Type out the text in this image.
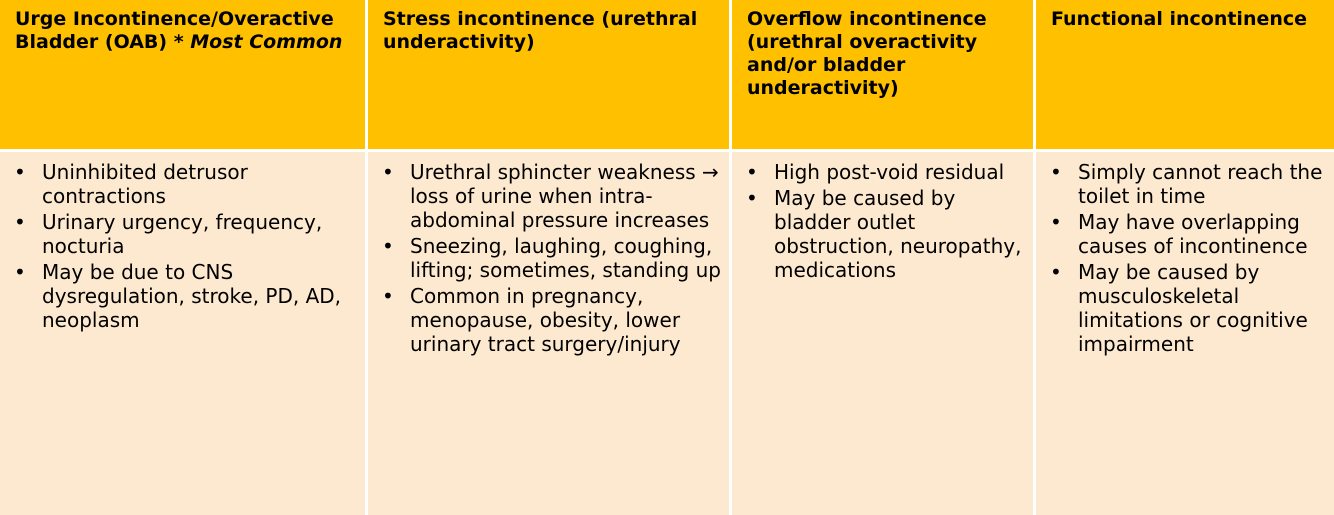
Urge Incontinence/Overactive Bladder (OAB) * Most Common

Stress incontinence (urethral underactivity)

Overflow incontinence (urethral overactivity and/or bladder underactivity)

Functional incontinence

• Uninhibited detrusor contractions
• Urinary urgency, frequency, nocturia
• May be due to CNS dysregulation, stroke, PD, AD, neoplasm
• Urethral sphincter weakness → loss of urine when intra-abdominal pressure increases
• Sneezing, laughing, coughing, lifting; sometimes, standing up
• Common in pregnancy, menopause, obesity, lower urinary tract surgery/injury
• High post-void residual
• May be caused by bladder outlet obstruction, neuropathy, medications
• Simply cannot reach the toilet in time
• May have overlapping causes of incontinence
• May be caused by musculoskeletal limitations or cognitive impairment
